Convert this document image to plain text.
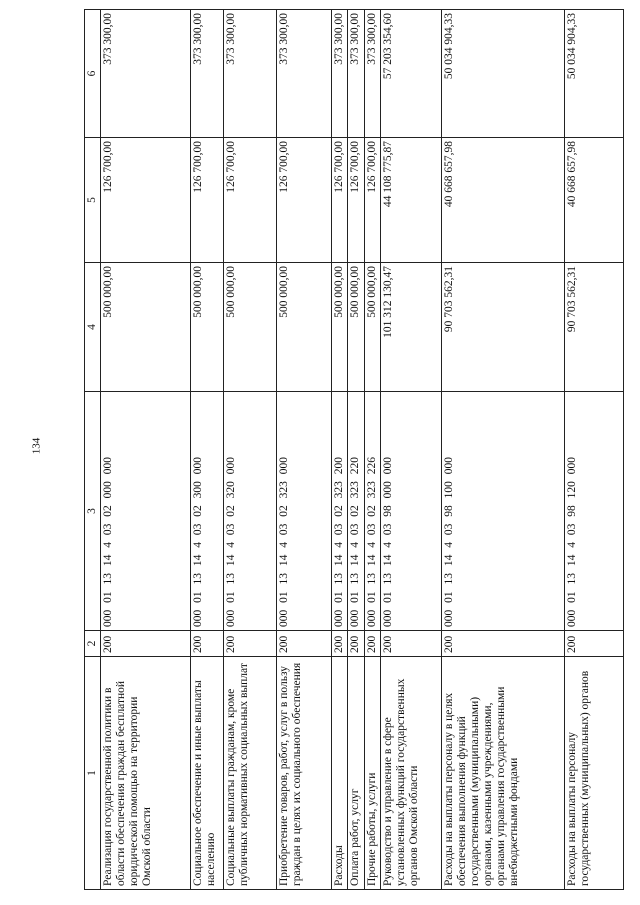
134
1	2	3	4	5	6
Реализация государственной политики в области обеспечения граждан бесплатной юридической помощью на территории Омской области	200	000 01 13 14 4 03 02 000 000	500 000,00	126 700,00	373 300,00
Социальное обеспечение и иные выплаты населению	200	000 01 13 14 4 03 02 300 000	500 000,00	126 700,00	373 300,00
Социальные выплаты гражданам, кроме публичных нормативных социальных выплат	200	000 01 13 14 4 03 02 320 000	500 000,00	126 700,00	373 300,00
Приобретение товаров, работ, услуг в пользу граждан в целях их социального обеспечения	200	000 01 13 14 4 03 02 323 000	500 000,00	126 700,00	373 300,00
Расходы	200	000 01 13 14 4 03 02 323 200	500 000,00	126 700,00	373 300,00
Оплата работ, услуг	200	000 01 13 14 4 03 02 323 220	500 000,00	126 700,00	373 300,00
Прочие работы, услуги	200	000 01 13 14 4 03 02 323 226	500 000,00	126 700,00	373 300,00
Руководство и управление в сфере установленных функций государственных органов Омской области	200	000 01 13 14 4 03 98 000 000	101 312 130,47	44 108 775,87	57 203 354,60
Расходы на выплаты персоналу в целях обеспечения выполнения функций государственными (муниципальными) органами, казенными учреждениями, органами управления государственными внебюджетными фондами	200	000 01 13 14 4 03 98 100 000	90 703 562,31	40 668 657,98	50 034 904,33
Расходы на выплаты персоналу государственных (муниципальных) органов	200	000 01 13 14 4 03 98 120 000	90 703 562,31	40 668 657,98	50 034 904,33
